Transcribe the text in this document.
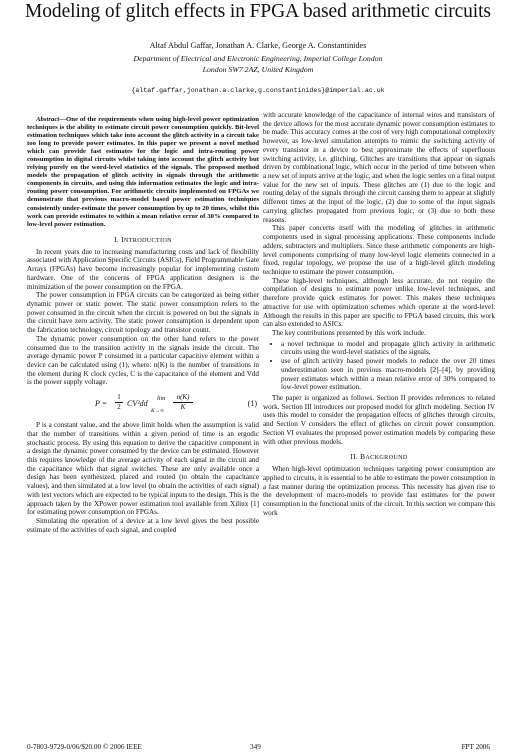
Modeling of glitch effects in FPGA based arithmetic circuits
Altaf Abdul Gaffar, Jonathan A. Clarke, George A. Constantinides
Department of Electrical and Electronic Engineering, Imperial College London
London SW7 2AZ, United Kingdom
{altaf.gaffar,jonathan.a.clarke,g.constantinides}@imperial.ac.uk

Abstract—One of the requirements when using high-level power optimization techniques is the ability to estimate circuit power consumption quickly. Bit-level estimation techniques which take into account the glitch activity in a circuit take too long to provide power estimates. In this paper we present a novel method which can provide fast estimates for the logic and intra-routing power consumption in digital circuits whilst taking into account the glitch activity but relying purely on the word-level statistics of the signals. The proposed method models the propagation of glitch activity in signals through the arithmetic components in circuits, and using this information estimates the logic and intra-routing power consumption. For arithmetic circuits implemented on FPGAs we demonstrate that previous macro-model based power estimation techniques consistently under-estimate the power consumption by up to 20 times, whilst this work can provide estimates to within a mean relative error of 30% compared to low-level power estimation.

I. INTRODUCTION

In recent years due to increasing manufacturing costs and lack of flexibility associated with Application Specific Circuits (ASICs), Field Programmable Gate Arrays (FPGAs) have become increasingly popular for implementing custom hardware. One of the concerns of FPGA application designers is the minimization of the power consumption on the FPGA.

The power consumption in FPGA circuits can be categorized as being either dynamic power or static power. The static power consumption refers to the power consumed in the circuit when the circuit is powered on but the signals in the circuit have zero activity. The static power consumption is dependent upon the fabrication technology, circuit topology and transistor count.

The dynamic power consumption on the other hand refers to the power consumed due to the transition activity in the signals inside the circuit. The average dynamic power P consumed in a particular capacitive element within a device can be calculated using (1), where: n(K) is the number of transitions in the element during K clock cycles, C is the capacitance of the element and Vdd is the power supply voltage.

P =
1
2 CV²dd
lim
K→∞
n(K)
K	(1)

P is a constant value, and the above limit holds when the assumption is valid that the number of transitions within a given period of time is an ergodic stochastic process. By using this equation to derive the capacitive component in a design the dynamic power consumed by the device can be estimated. However this requires knowledge of the average activity of each signal in the circuit and the capacitance which that signal switches. These are only available once a design has been synthesized, placed and routed (to obtain the capacitance values), and then simulated at a low level (to obtain the activities of each signal) with test vectors which are expected to be typical inputs to the design. This is the approach taken by the XPower power estimation tool available from Xilinx [1] for estimating power consumption on FPGAs.

Simulating the operation of a device at a low level gives the best possible estimate of the activities of each signal, and coupled

with accurate knowledge of the capacitance of internal wires and transistors of the device allows for the most accurate dynamic power consumption estimates to be made. This accuracy comes at the cost of very high computational complexity however, as low-level simulation attempts to mimic the switching activity of every transistor in a device to best approximate the effects of superfluous switching activity, i.e. glitching. Glitches are transitions that appear on signals driven by combinational logic, which occur in the period of time between when a new set of inputs arrive at the logic, and when the logic settles on a final output value for the new set of inputs. These glitches are (1) due to the logic and routing delay of the signals through the circuit causing them to appear at slightly different times at the input of the logic, (2) due to some of the input signals carrying glitches propagated from previous logic, or (3) due to both these reasons.

This paper concerns itself with the modeling of glitches in arithmetic components used in signal processing applications. These components include adders, subtracters and multipliers. Since these arithmetic components are high-level components comprising of many low-level logic elements connected in a fixed, regular topology, we propose the use of a high-level glitch modeling technique to estimate the power consumption.

These high-level techniques, although less accurate, do not require the compilation of designs to estimate power unlike low-level techniques, and therefore provide quick estimates for power. This makes these techniques attractive for use with optimization schemes which operate at the word-level. Although the results in this paper are specific to FPGA based circuits, this work can also extended to ASICs.

The key contributions presented by this work include.

• a novel technique to model and propagate glitch activity in arithmetic circuits using the word-level statistics of the signals,
• use of glitch activity based power models to reduce the over 20 times underestimation seen in previous macro-models [2]–[4], by providing power estimates which within a mean relative error of 30% compared to low-level power estimation.

The paper is organized as follows. Section II provides references to related work. Section III introduces our proposed model for glitch modeling. Section IV uses this model to consider the propagation effects of glitches through circuits, and Section V considers the effect of glitches on circuit power consumption. Section VI evaluates the proposed power estimation models by comparing these with other previous models.

II. BACKGROUND

When high-level optimization techniques targeting power consumption are applied to circuits, it is essential to be able to estimate the power consumption in a fast manner during the optimization process. This necessity has given rise to the development of macro-models to provide fast estimates for the power consumption in the functional units of the circuit. In this section we compare this work

0-7803-9729-0/06/$20.00 © 2006 IEEE	349	FPT 2006
